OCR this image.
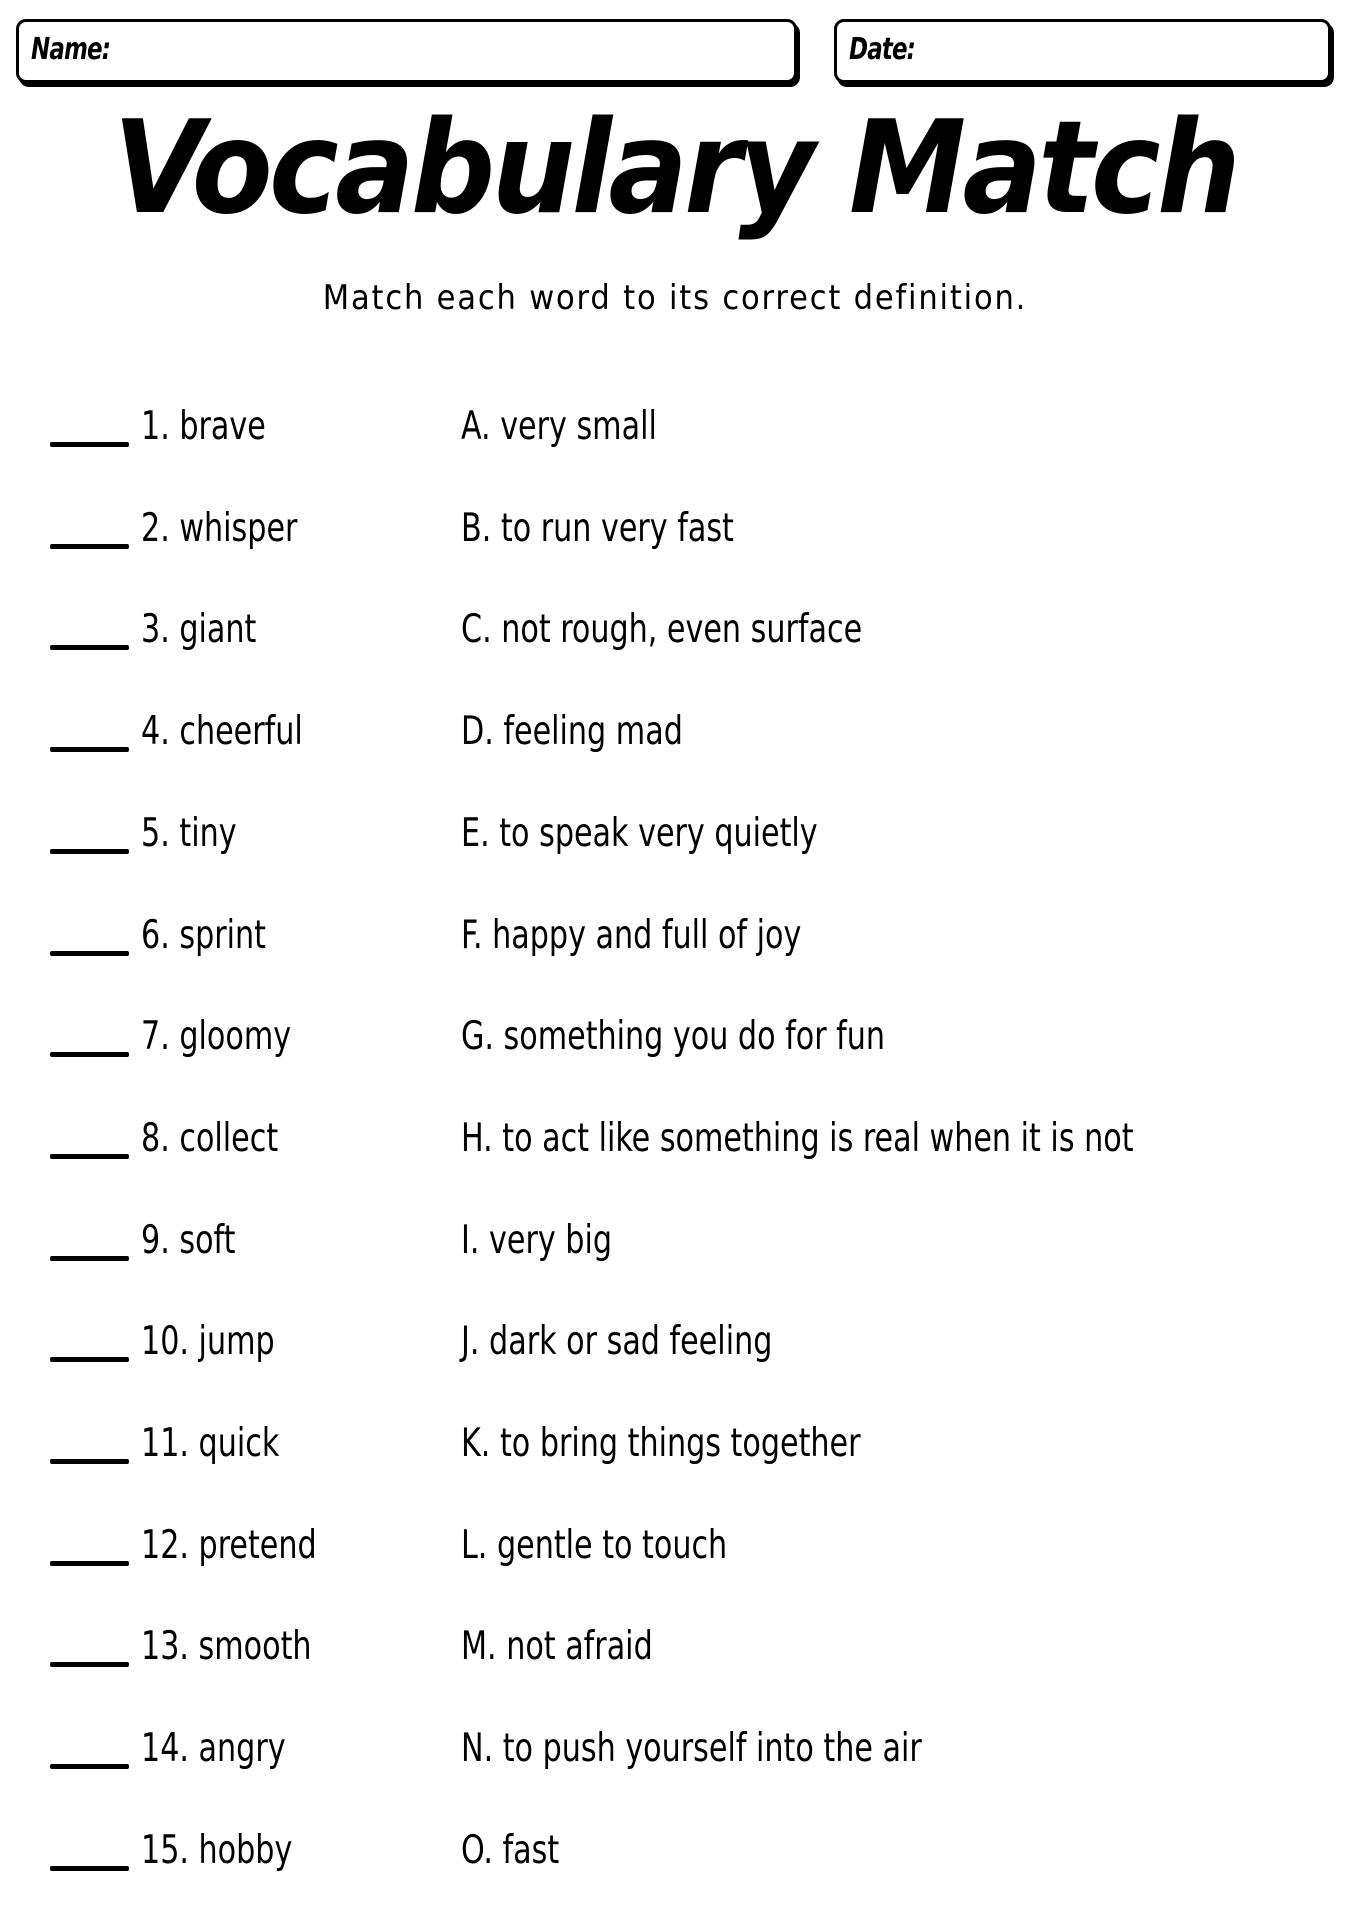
Name:	Date:
Vocabulary Match
Match each word to its correct definition.
1. brave	A. very small
2. whisper	B. to run very fast
3. giant	C. not rough, even surface
4. cheerful	D. feeling mad
5. tiny	E. to speak very quietly
6. sprint	F. happy and full of joy
7. gloomy	G. something you do for fun
8. collect	H. to act like something is real when it is not
9. soft	I. very big
10. jump	J. dark or sad feeling
11. quick	K. to bring things together
12. pretend	L. gentle to touch
13. smooth	M. not afraid
14. angry	N. to push yourself into the air
15. hobby	O. fast
